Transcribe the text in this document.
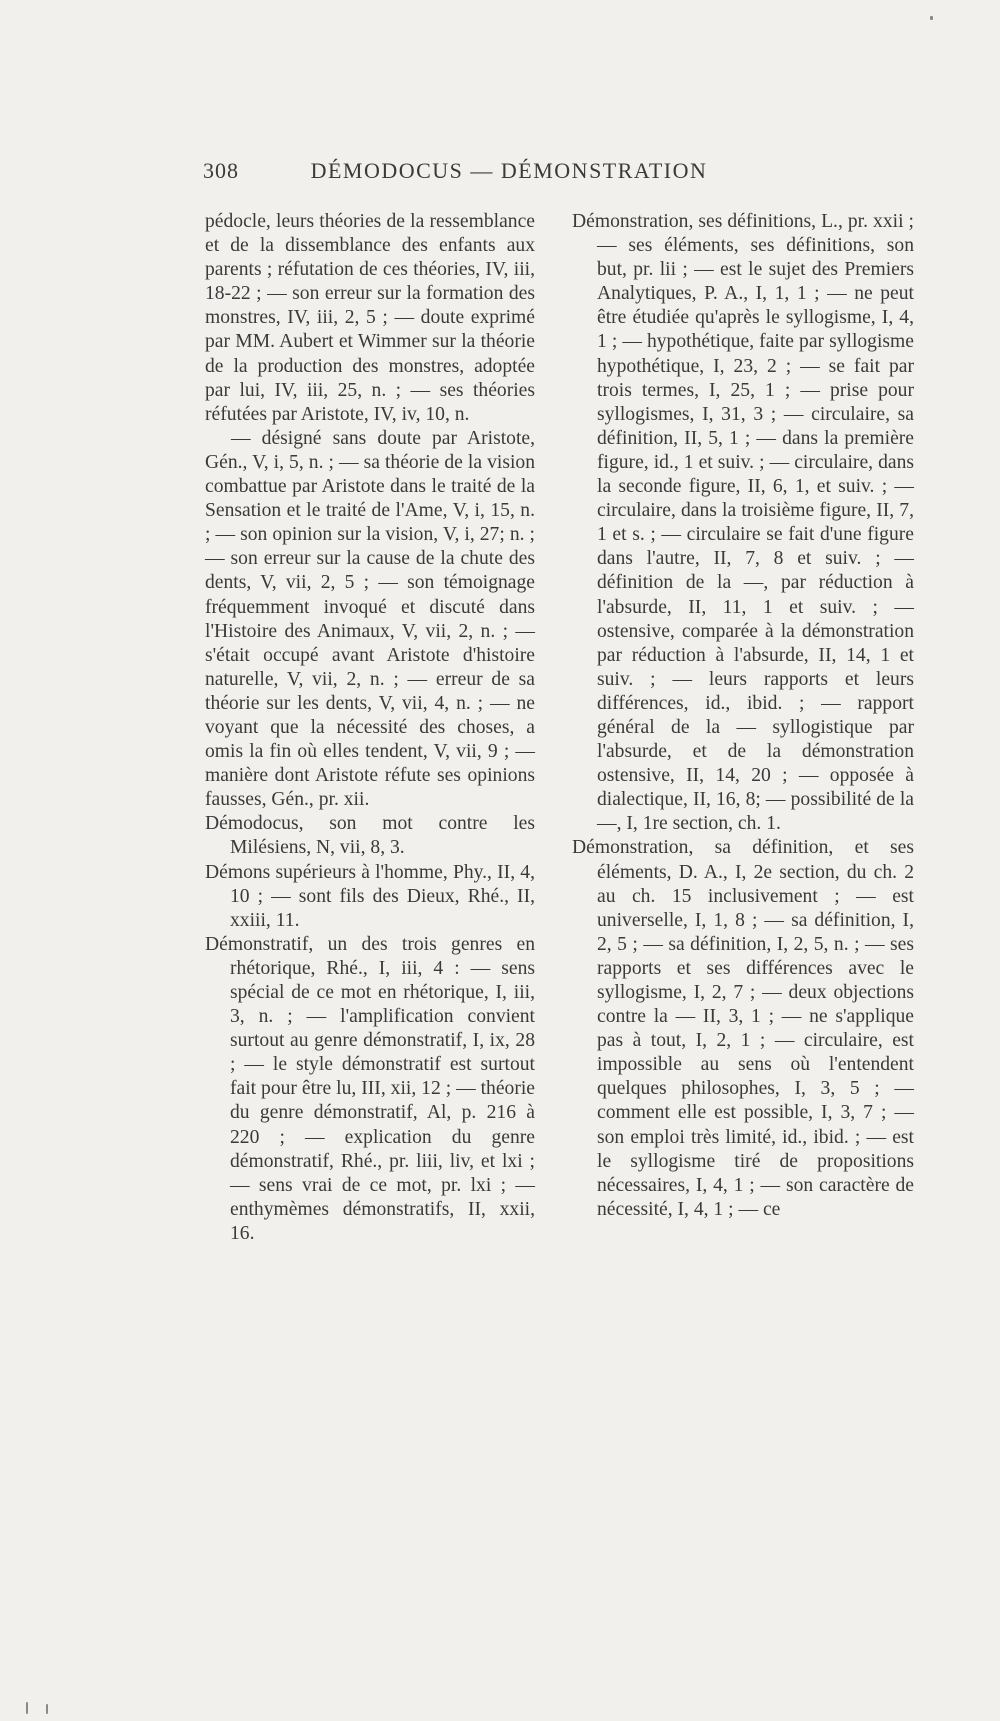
308	DÉMODOCUS — DÉMONSTRATION

pédocle, leurs théories de la ressemblance et de la dissemblance des enfants aux parents ; réfutation de ces théories, IV, iii, 18-22 ; — son erreur sur la formation des monstres, IV, iii, 2, 5 ; — doute exprimé par MM. Aubert et Wimmer sur la théorie de la production des monstres, adoptée par lui, IV, iii, 25, n. ; — ses théories réfutées par Aristote, IV, iv, 10, n.

— désigné sans doute par Aristote, Gén., V, i, 5, n. ; — sa théorie de la vision combattue par Aristote dans le traité de la Sensation et le traité de l'Ame, V, i, 15, n. ; — son opinion sur la vision, V, i, 27; n. ; — son erreur sur la cause de la chute des dents, V, vii, 2, 5 ; — son témoignage fréquemment invoqué et discuté dans l'Histoire des Animaux, V, vii, 2, n. ; — s'était occupé avant Aristote d'histoire naturelle, V, vii, 2, n. ; — erreur de sa théorie sur les dents, V, vii, 4, n. ; — ne voyant que la nécessité des choses, a omis la fin où elles tendent, V, vii, 9 ; — manière dont Aristote réfute ses opinions fausses, Gén., pr. xii.

Démodocus, son mot contre les Milésiens, N, vii, 8, 3.

Démons supérieurs à l'homme, Phy., II, 4, 10 ; — sont fils des Dieux, Rhé., II, xxiii, 11.

Démonstratif, un des trois genres en rhétorique, Rhé., I, iii, 4 : — sens spécial de ce mot en rhétorique, I, iii, 3, n. ; — l'amplification convient surtout au genre démonstratif, I, ix, 28 ; — le style démonstratif est surtout fait pour être lu, III, xii, 12 ; — théorie du genre démonstratif, Al, p. 216 à 220 ; — explication du genre démonstratif, Rhé., pr. liii, liv, et lxi ; — sens vrai de ce mot, pr. lxi ; — enthymèmes démonstratifs, II, xxii, 16.

Démonstration, ses définitions, L., pr. xxii ; — ses éléments, ses définitions, son but, pr. lii ; — est le sujet des Premiers Analytiques, P. A., I, 1, 1 ; — ne peut être étudiée qu'après le syllogisme, I, 4, 1 ; — hypothétique, faite par syllogisme hypothétique, I, 23, 2 ; — se fait par trois termes, I, 25, 1 ; — prise pour syllogismes, I, 31, 3 ; — circulaire, sa définition, II, 5, 1 ; — dans la première figure, id., 1 et suiv. ; — circulaire, dans la seconde figure, II, 6, 1, et suiv. ; — circulaire, dans la troisième figure, II, 7, 1 et s. ; — circulaire se fait d'une figure dans l'autre, II, 7, 8 et suiv. ; — définition de la —, par réduction à l'absurde, II, 11, 1 et suiv. ; — ostensive, comparée à la démonstration par réduction à l'absurde, II, 14, 1 et suiv. ; — leurs rapports et leurs différences, id., ibid. ; — rapport général de la — syllogistique par l'absurde, et de la démonstration ostensive, II, 14, 20 ; — opposée à dialectique, II, 16, 8; — possibilité de la —, I, 1re section, ch. 1.

Démonstration, sa définition, et ses éléments, D. A., I, 2e section, du ch. 2 au ch. 15 inclusivement ; — est universelle, I, 1, 8 ; — sa définition, I, 2, 5 ; — sa définition, I, 2, 5, n. ; — ses rapports et ses différences avec le syllogisme, I, 2, 7 ; — deux objections contre la — II, 3, 1 ; — ne s'applique pas à tout, I, 2, 1 ; — circulaire, est impossible au sens où l'entendent quelques philosophes, I, 3, 5 ; — comment elle est possible, I, 3, 7 ; — son emploi très limité, id., ibid. ; — est le syllogisme tiré de propositions nécessaires, I, 4, 1 ; — son caractère de nécessité, I, 4, 1 ; — ce
